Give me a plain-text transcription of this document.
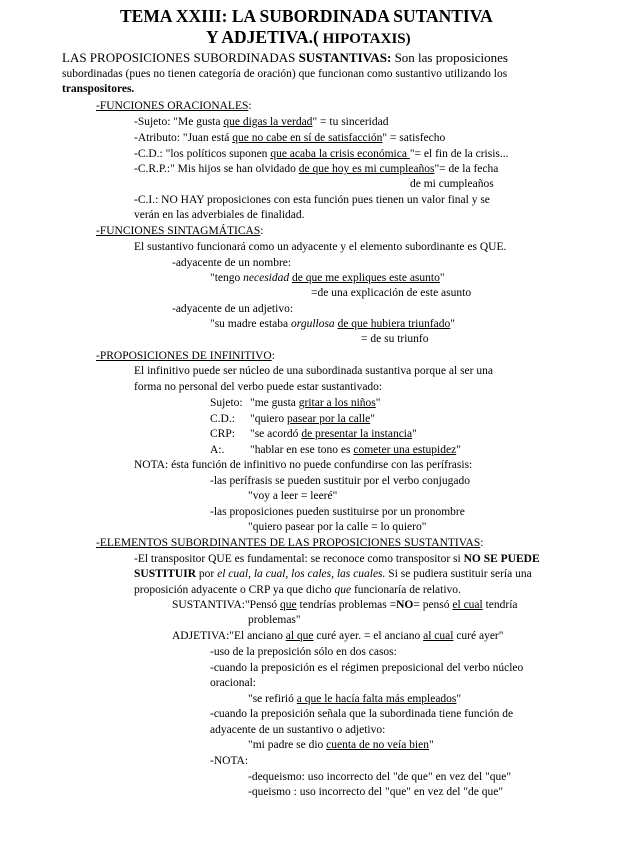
TEMA XXIII: LA SUBORDINADA SUTANTIVA
Y ADJETIVA.( HIPOTAXIS)
LAS PROPOSICIONES SUBORDINADAS SUSTANTIVAS: Son las proposiciones
subordinadas (pues no tienen categoría de oración) que funcionan como sustantivo utilizando los
transpositores.
-FUNCIONES ORACIONALES:
-Sujeto: "Me gusta que digas la verdad" = tu sinceridad
-Atributo: "Juan está que no cabe en sí de satisfacción" = satisfecho
-C.D.: "los políticos suponen que acaba la crisis económica "= el fin de la crisis...
-C.R.P.:" Mis hijos se han olvidado de que hoy es mi cumpleaños"= de la fecha
de mi cumpleaños
-C.I.: NO HAY proposiciones con esta función pues tienen un valor final y se
verán en las adverbiales de finalidad.
-FUNCIONES SINTAGMÁTICAS:
El sustantivo funcionará como un adyacente y el elemento subordinante es QUE.
-adyacente de un nombre:
"tengo necesidad de que me expliques este asunto"
=de una explicación de este asunto
-adyacente de un adjetivo:
"su madre estaba orgullosa de que hubiera triunfado"
= de su triunfo
-PROPOSICIONES DE INFINITIVO:
El infinitivo puede ser núcleo de una subordinada sustantiva porque al ser una
forma no personal del verbo puede estar sustantivado:
Sujeto: "me gusta gritar a los niños"
C.D.: "quiero pasear por la calle"
CRP: "se acordó de presentar la instancia"
A:. "hablar en ese tono es cometer una estupidez"
NOTA: ésta función de infinitivo no puede confundirse con las perífrasis:
-las perífrasis se pueden sustituir por el verbo conjugado
"voy a leer = leeré"
-las proposiciones pueden sustituirse por un pronombre
"quiero pasear por la calle = lo quiero"
-ELEMENTOS SUBORDINANTES DE LAS PROPOSICIONES SUSTANTIVAS:
-El transpositor QUE es fundamental: se reconoce como transpositor si NO SE PUEDE
SUSTITUIR por el cual, la cual, los cales, las cuales. Si se pudiera sustituir sería una
proposición adyacente o CRP ya que dicho que funcionaría de relativo.
SUSTANTIVA:"Pensó que tendrías problemas =NO= pensó el cual tendría
problemas"
ADJETIVA:"El anciano al que curé ayer. = el anciano al cual curé ayer"
-uso de la preposición sólo en dos casos:
-cuando la preposición es el régimen preposicional del verbo núcleo
oracional:
"se refirió a que le hacía falta más empleados"
-cuando la preposición señala que la subordinada tiene función de
adyacente de un sustantivo o adjetivo:
"mi padre se dio cuenta de no veía bien"
-NOTA:
-dequeismo: uso incorrecto del "de que" en vez del "que"
-queismo : uso incorrecto del "que" en vez del "de que"
